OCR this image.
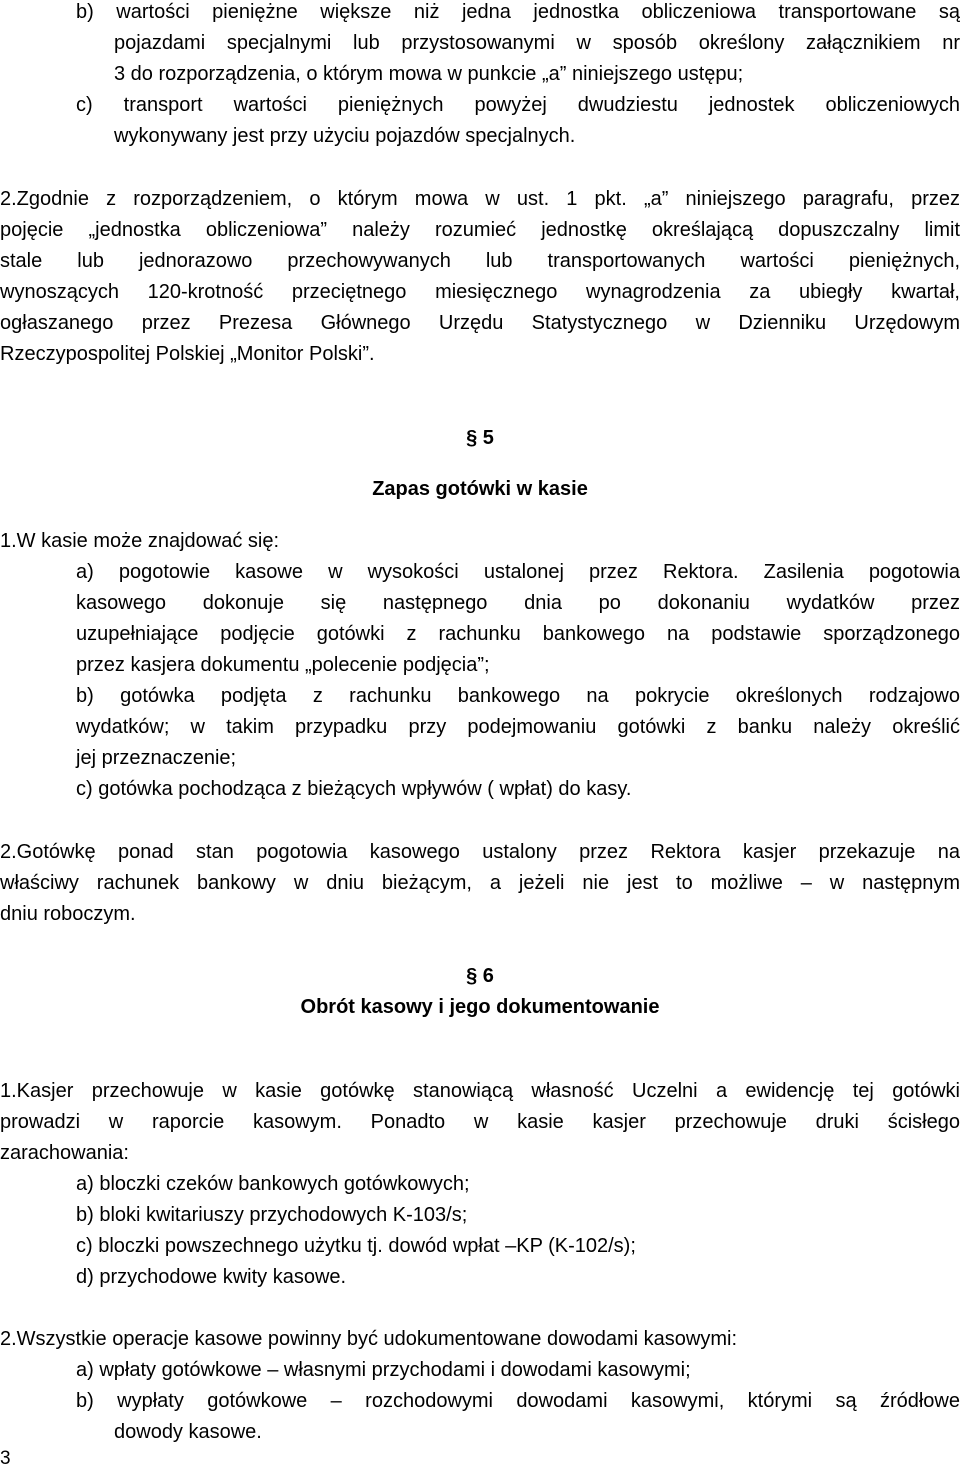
b) wartości pieniężne większe niż jedna jednostka obliczeniowa transportowane są
pojazdami specjalnymi lub przystosowanymi w sposób określony załącznikiem nr
3 do rozporządzenia, o którym mowa w punkcie „a” niniejszego ustępu;
c) transport wartości pieniężnych powyżej dwudziestu jednostek obliczeniowych
wykonywany jest przy użyciu pojazdów specjalnych.
2.Zgodnie z rozporządzeniem, o którym mowa w ust. 1 pkt. „a” niniejszego paragrafu, przez
pojęcie „jednostka obliczeniowa” należy rozumieć jednostkę określającą dopuszczalny limit
stale lub jednorazowo przechowywanych lub transportowanych wartości pieniężnych,
wynoszących 120-krotność przeciętnego miesięcznego wynagrodzenia za ubiegły kwartał,
ogłaszanego przez Prezesa Głównego Urzędu Statystycznego w Dzienniku Urzędowym
Rzeczypospolitej Polskiej „Monitor Polski”.
§ 5
Zapas gotówki w kasie
1.W kasie może znajdować się:
a) pogotowie kasowe w wysokości ustalonej przez Rektora. Zasilenia pogotowia
kasowego dokonuje się następnego dnia po dokonaniu wydatków przez
uzupełniające podjęcie gotówki z rachunku bankowego na podstawie sporządzonego
przez kasjera dokumentu „polecenie podjęcia”;
b) gotówka podjęta z rachunku bankowego na pokrycie określonych rodzajowo
wydatków; w takim przypadku przy podejmowaniu gotówki z banku należy określić
jej przeznaczenie;
c) gotówka pochodząca z bieżących wpływów ( wpłat) do kasy.
2.Gotówkę ponad stan pogotowia kasowego ustalony przez Rektora kasjer przekazuje na
właściwy rachunek bankowy w dniu bieżącym, a jeżeli nie jest to możliwe – w następnym
dniu roboczym.
§ 6
Obrót kasowy i jego dokumentowanie
1.Kasjer przechowuje w kasie gotówkę stanowiącą własność Uczelni a ewidencję tej gotówki
prowadzi w raporcie kasowym. Ponadto w kasie kasjer przechowuje druki ścisłego
zarachowania:
a) bloczki czeków bankowych gotówkowych;
b) bloki kwitariuszy przychodowych K-103/s;
c) bloczki powszechnego użytku tj. dowód wpłat –KP (K-102/s);
d) przychodowe kwity kasowe.
2.Wszystkie operacje kasowe powinny być udokumentowane dowodami kasowymi:
a) wpłaty gotówkowe – własnymi przychodami i dowodami kasowymi;
b) wypłaty gotówkowe – rozchodowymi dowodami kasowymi, którymi są źródłowe
dowody kasowe.
3
